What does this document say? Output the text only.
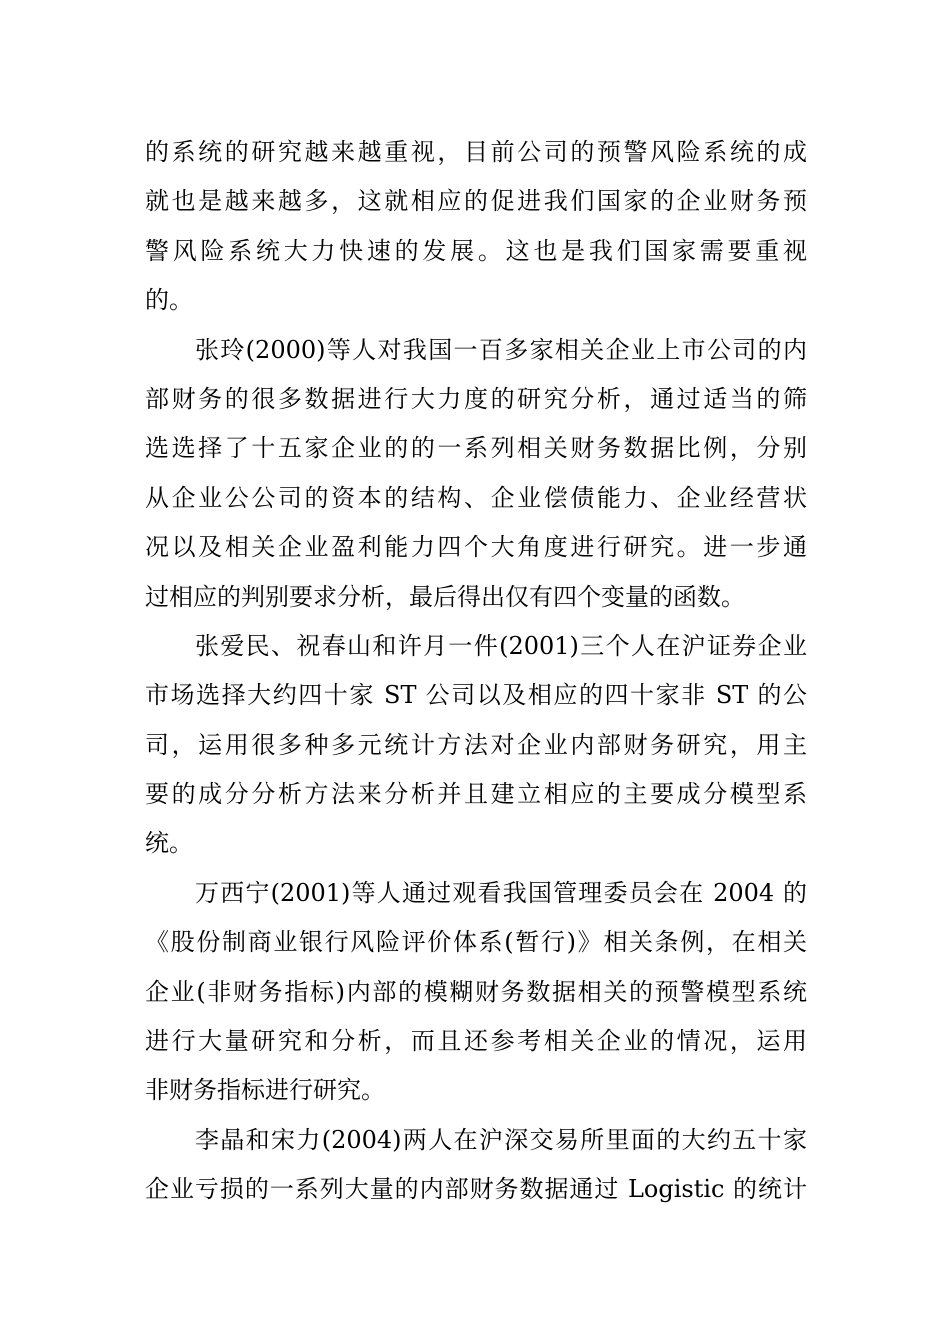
的系统的研究越来越重视，目前公司的预警风险系统的成
就也是越来越多，这就相应的促进我们国家的企业财务预
警风险系统大力快速的发展。这也是我们国家需要重视
的。
张玲(2000)等人对我国一百多家相关企业上市公司的内
部财务的很多数据进行大力度的研究分析，通过适当的筛
选选择了十五家企业的的一系列相关财务数据比例，分别
从企业公公司的资本的结构、企业偿债能力、企业经营状
况以及相关企业盈利能力四个大角度进行研究。进一步通
过相应的判别要求分析，最后得出仅有四个变量的函数。
张爱民、祝春山和许月一件(2001)三个人在沪证券企业
市场选择大约四十家 ST 公司以及相应的四十家非 ST 的公
司，运用很多种多元统计方法对企业内部财务研究，用主
要的成分分析方法来分析并且建立相应的主要成分模型系
统。
万西宁(2001)等人通过观看我国管理委员会在 2004 的
《股份制商业银行风险评价体系(暂行)》相关条例，在相关
企业(非财务指标)内部的模糊财务数据相关的预警模型系统
进行大量研究和分析，而且还参考相关企业的情况，运用
非财务指标进行研究。
李晶和宋力(2004)两人在沪深交易所里面的大约五十家
企业亏损的一系列大量的内部财务数据通过 Logistic 的统计
